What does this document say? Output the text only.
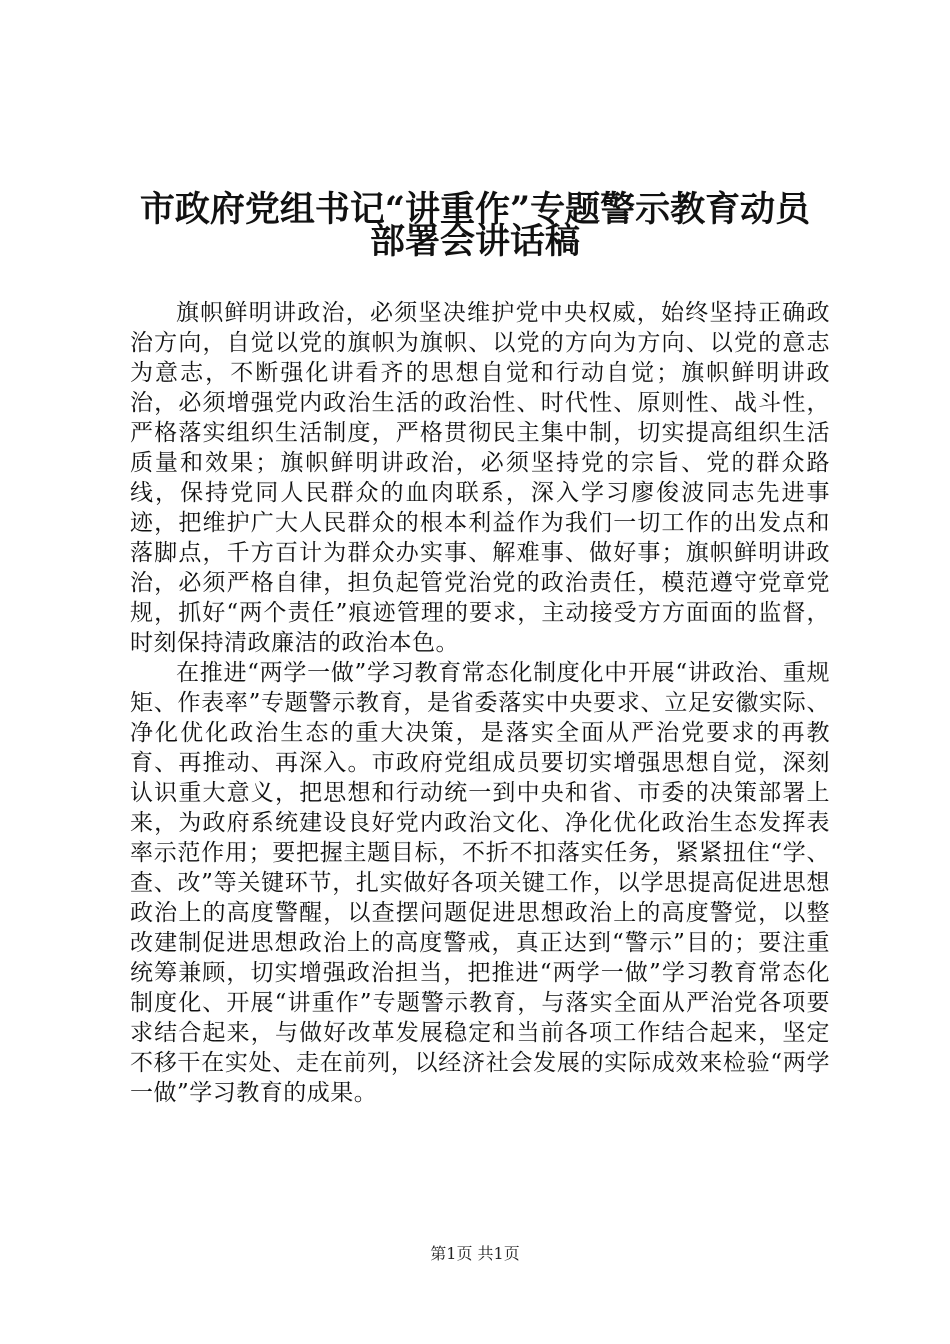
市政府党组书记“讲重作”专题警示教育动员
部署会讲话稿

旗帜鲜明讲政治，必须坚决维护党中央权威，始终坚持正确政治方向，自觉以党的旗帜为旗帜、以党的方向为方向、以党的意志为意志，不断强化讲看齐的思想自觉和行动自觉；旗帜鲜明讲政治，必须增强党内政治生活的政治性、时代性、原则性、战斗性，严格落实组织生活制度，严格贯彻民主集中制，切实提高组织生活质量和效果；旗帜鲜明讲政治，必须坚持党的宗旨、党的群众路线，保持党同人民群众的血肉联系，深入学习廖俊波同志先进事迹，把维护广大人民群众的根本利益作为我们一切工作的出发点和落脚点，千方百计为群众办实事、解难事、做好事；旗帜鲜明讲政治，必须严格自律，担负起管党治党的政治责任，模范遵守党章党规，抓好“两个责任”痕迹管理的要求，主动接受方方面面的监督，时刻保持清政廉洁的政治本色。

在推进“两学一做”学习教育常态化制度化中开展“讲政治、重规矩、作表率”专题警示教育，是省委落实中央要求、立足安徽实际、净化优化政治生态的重大决策，是落实全面从严治党要求的再教育、再推动、再深入。市政府党组成员要切实增强思想自觉，深刻认识重大意义，把思想和行动统一到中央和省、市委的决策部署上来，为政府系统建设良好党内政治文化、净化优化政治生态发挥表率示范作用；要把握主题目标，不折不扣落实任务，紧紧扭住“学、查、改”等关键环节，扎实做好各项关键工作，以学思提高促进思想政治上的高度警醒，以查摆问题促进思想政治上的高度警觉，以整改建制促进思想政治上的高度警戒，真正达到“警示”目的；要注重统筹兼顾，切实增强政治担当，把推进“两学一做”学习教育常态化制度化、开展“讲重作”专题警示教育，与落实全面从严治党各项要求结合起来，与做好改革发展稳定和当前各项工作结合起来，坚定不移干在实处、走在前列，以经济社会发展的实际成效来检验“两学一做”学习教育的成果。

第1页 共1页
